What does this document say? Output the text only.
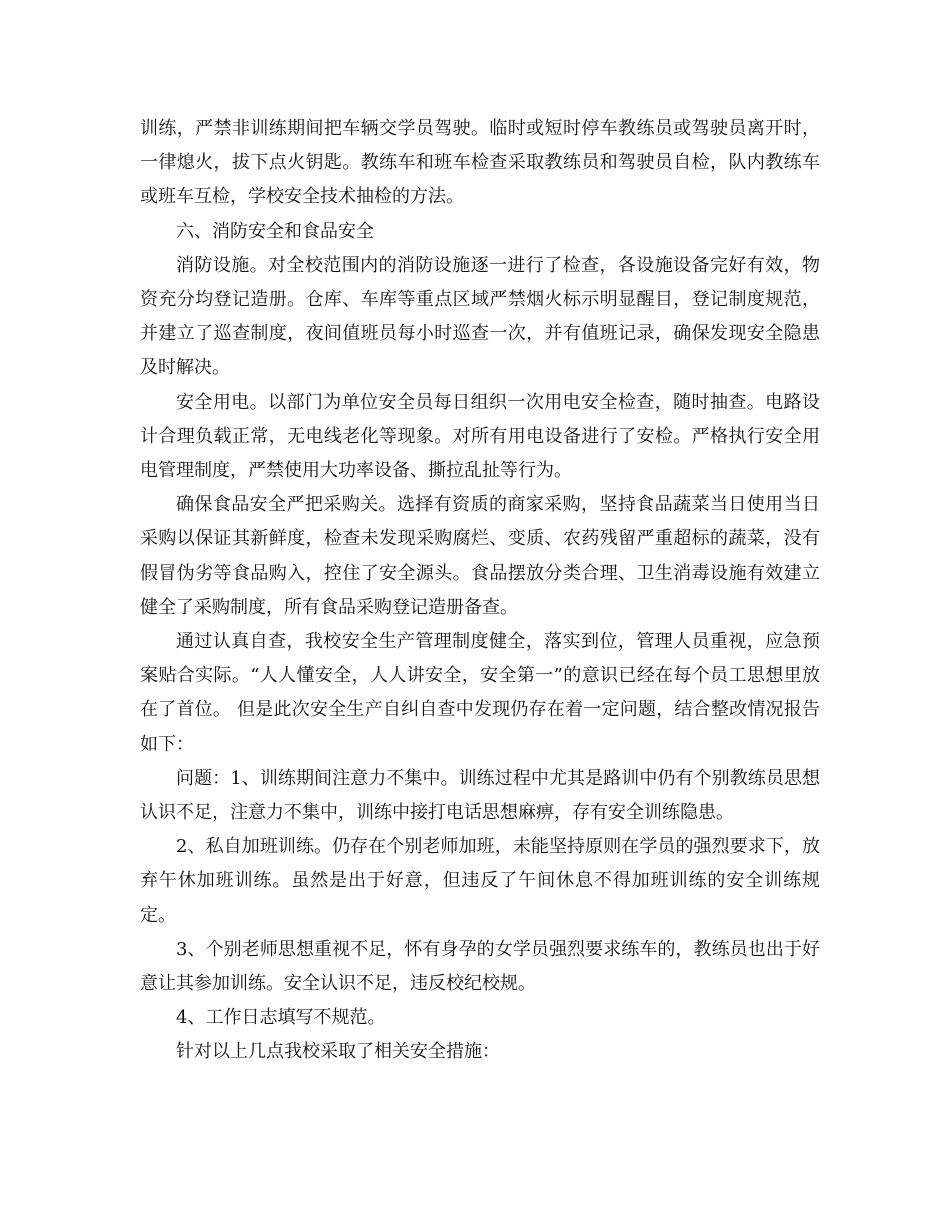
训练，严禁非训练期间把车辆交学员驾驶。临时或短时停车教练员或驾驶员离开时，一律熄火，拔下点火钥匙。教练车和班车检查采取教练员和驾驶员自检，队内教练车或班车互检，学校安全技术抽检的方法。

六、消防安全和食品安全

消防设施。对全校范围内的消防设施逐一进行了检查，各设施设备完好有效，物资充分均登记造册。仓库、车库等重点区域严禁烟火标示明显醒目，登记制度规范，并建立了巡查制度，夜间值班员每小时巡查一次，并有值班记录，确保发现安全隐患及时解决。

安全用电。以部门为单位安全员每日组织一次用电安全检查，随时抽查。电路设计合理负载正常，无电线老化等现象。对所有用电设备进行了安检。严格执行安全用电管理制度，严禁使用大功率设备、撕拉乱扯等行为。

确保食品安全严把采购关。选择有资质的商家采购，坚持食品蔬菜当日使用当日采购以保证其新鲜度，检查未发现采购腐烂、变质、农药残留严重超标的蔬菜，没有假冒伪劣等食品购入，控住了安全源头。食品摆放分类合理、卫生消毒设施有效建立健全了采购制度，所有食品采购登记造册备查。

通过认真自查，我校安全生产管理制度健全，落实到位，管理人员重视，应急预案贴合实际。“人人懂安全，人人讲安全，安全第一”的意识已经在每个员工思想里放在了首位。 但是此次安全生产自纠自查中发现仍存在着一定问题，结合整改情况报告如下：

问题：1、训练期间注意力不集中。训练过程中尤其是路训中仍有个别教练员思想认识不足，注意力不集中，训练中接打电话思想麻痹，存有安全训练隐患。

2、私自加班训练。仍存在个别老师加班，未能坚持原则在学员的强烈要求下，放弃午休加班训练。虽然是出于好意，但违反了午间休息不得加班训练的安全训练规定。

3、个别老师思想重视不足，怀有身孕的女学员强烈要求练车的，教练员也出于好意让其参加训练。安全认识不足，违反校纪校规。

4、工作日志填写不规范。

针对以上几点我校采取了相关安全措施：
